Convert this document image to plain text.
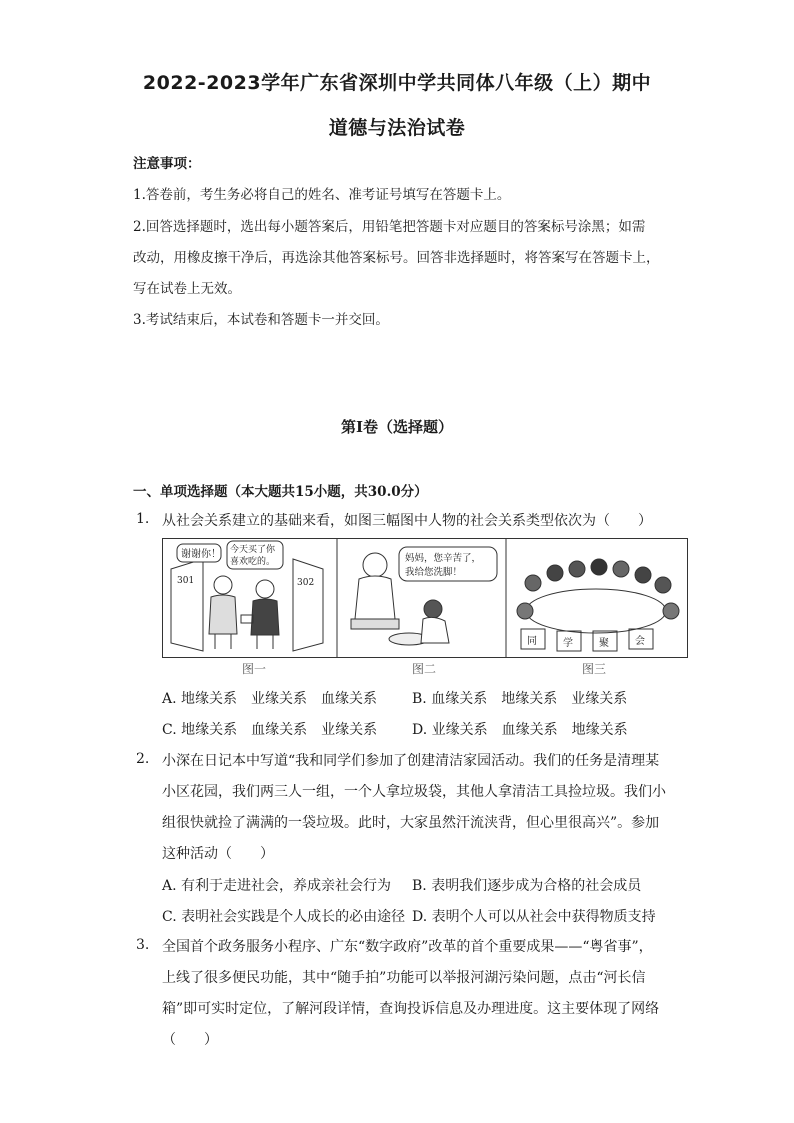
2022-2023学年广东省深圳中学共同体八年级（上）期中
道德与法治试卷
注意事项：
1.答卷前，考生务必将自己的姓名、准考证号填写在答题卡上。
2.回答选择题时，选出每小题答案后，用铅笔把答题卡对应题目的答案标号涂黑；如需
改动，用橡皮擦干净后，再选涂其他答案标号。回答非选择题时，将答案写在答题卡上，
写在试卷上无效。
3.考试结束后，本试卷和答题卡一并交回。
第I卷（选择题）
一、单项选择题（本大题共15小题，共30.0分）
1. 从社会关系建立的基础来看，如图三幅图中人物的社会关系类型依次为（　　）
301	302
谢谢你！ 今天买了你
喜欢吃的。	妈妈，您辛苦了，
我给您洗脚！
同	学	聚	会
图一	图二	图三
A. 地缘关系　业缘关系　血缘关系 B. 血缘关系　地缘关系　业缘关系
C. 地缘关系　血缘关系　业缘关系 D. 业缘关系　血缘关系　地缘关系
2. 小深在日记本中写道“我和同学们参加了创建清洁家园活动。我们的任务是清理某
小区花园，我们两三人一组，一个人拿垃圾袋，其他人拿清洁工具捡垃圾。我们小
组很快就捡了满满的一袋垃圾。此时，大家虽然汗流浃背，但心里很高兴”。参加
这种活动（　　）
A. 有利于走进社会，养成亲社会行为 B. 表明我们逐步成为合格的社会成员
C. 表明社会实践是个人成长的必由途径 D. 表明个人可以从社会中获得物质支持
3. 全国首个政务服务小程序、广东“数字政府”改革的首个重要成果——“粤省事”，
上线了很多便民功能，其中“随手拍”功能可以举报河湖污染问题，点击“河长信
箱”即可实时定位，了解河段详情，查询投诉信息及办理进度。这主要体现了网络
（　　）
